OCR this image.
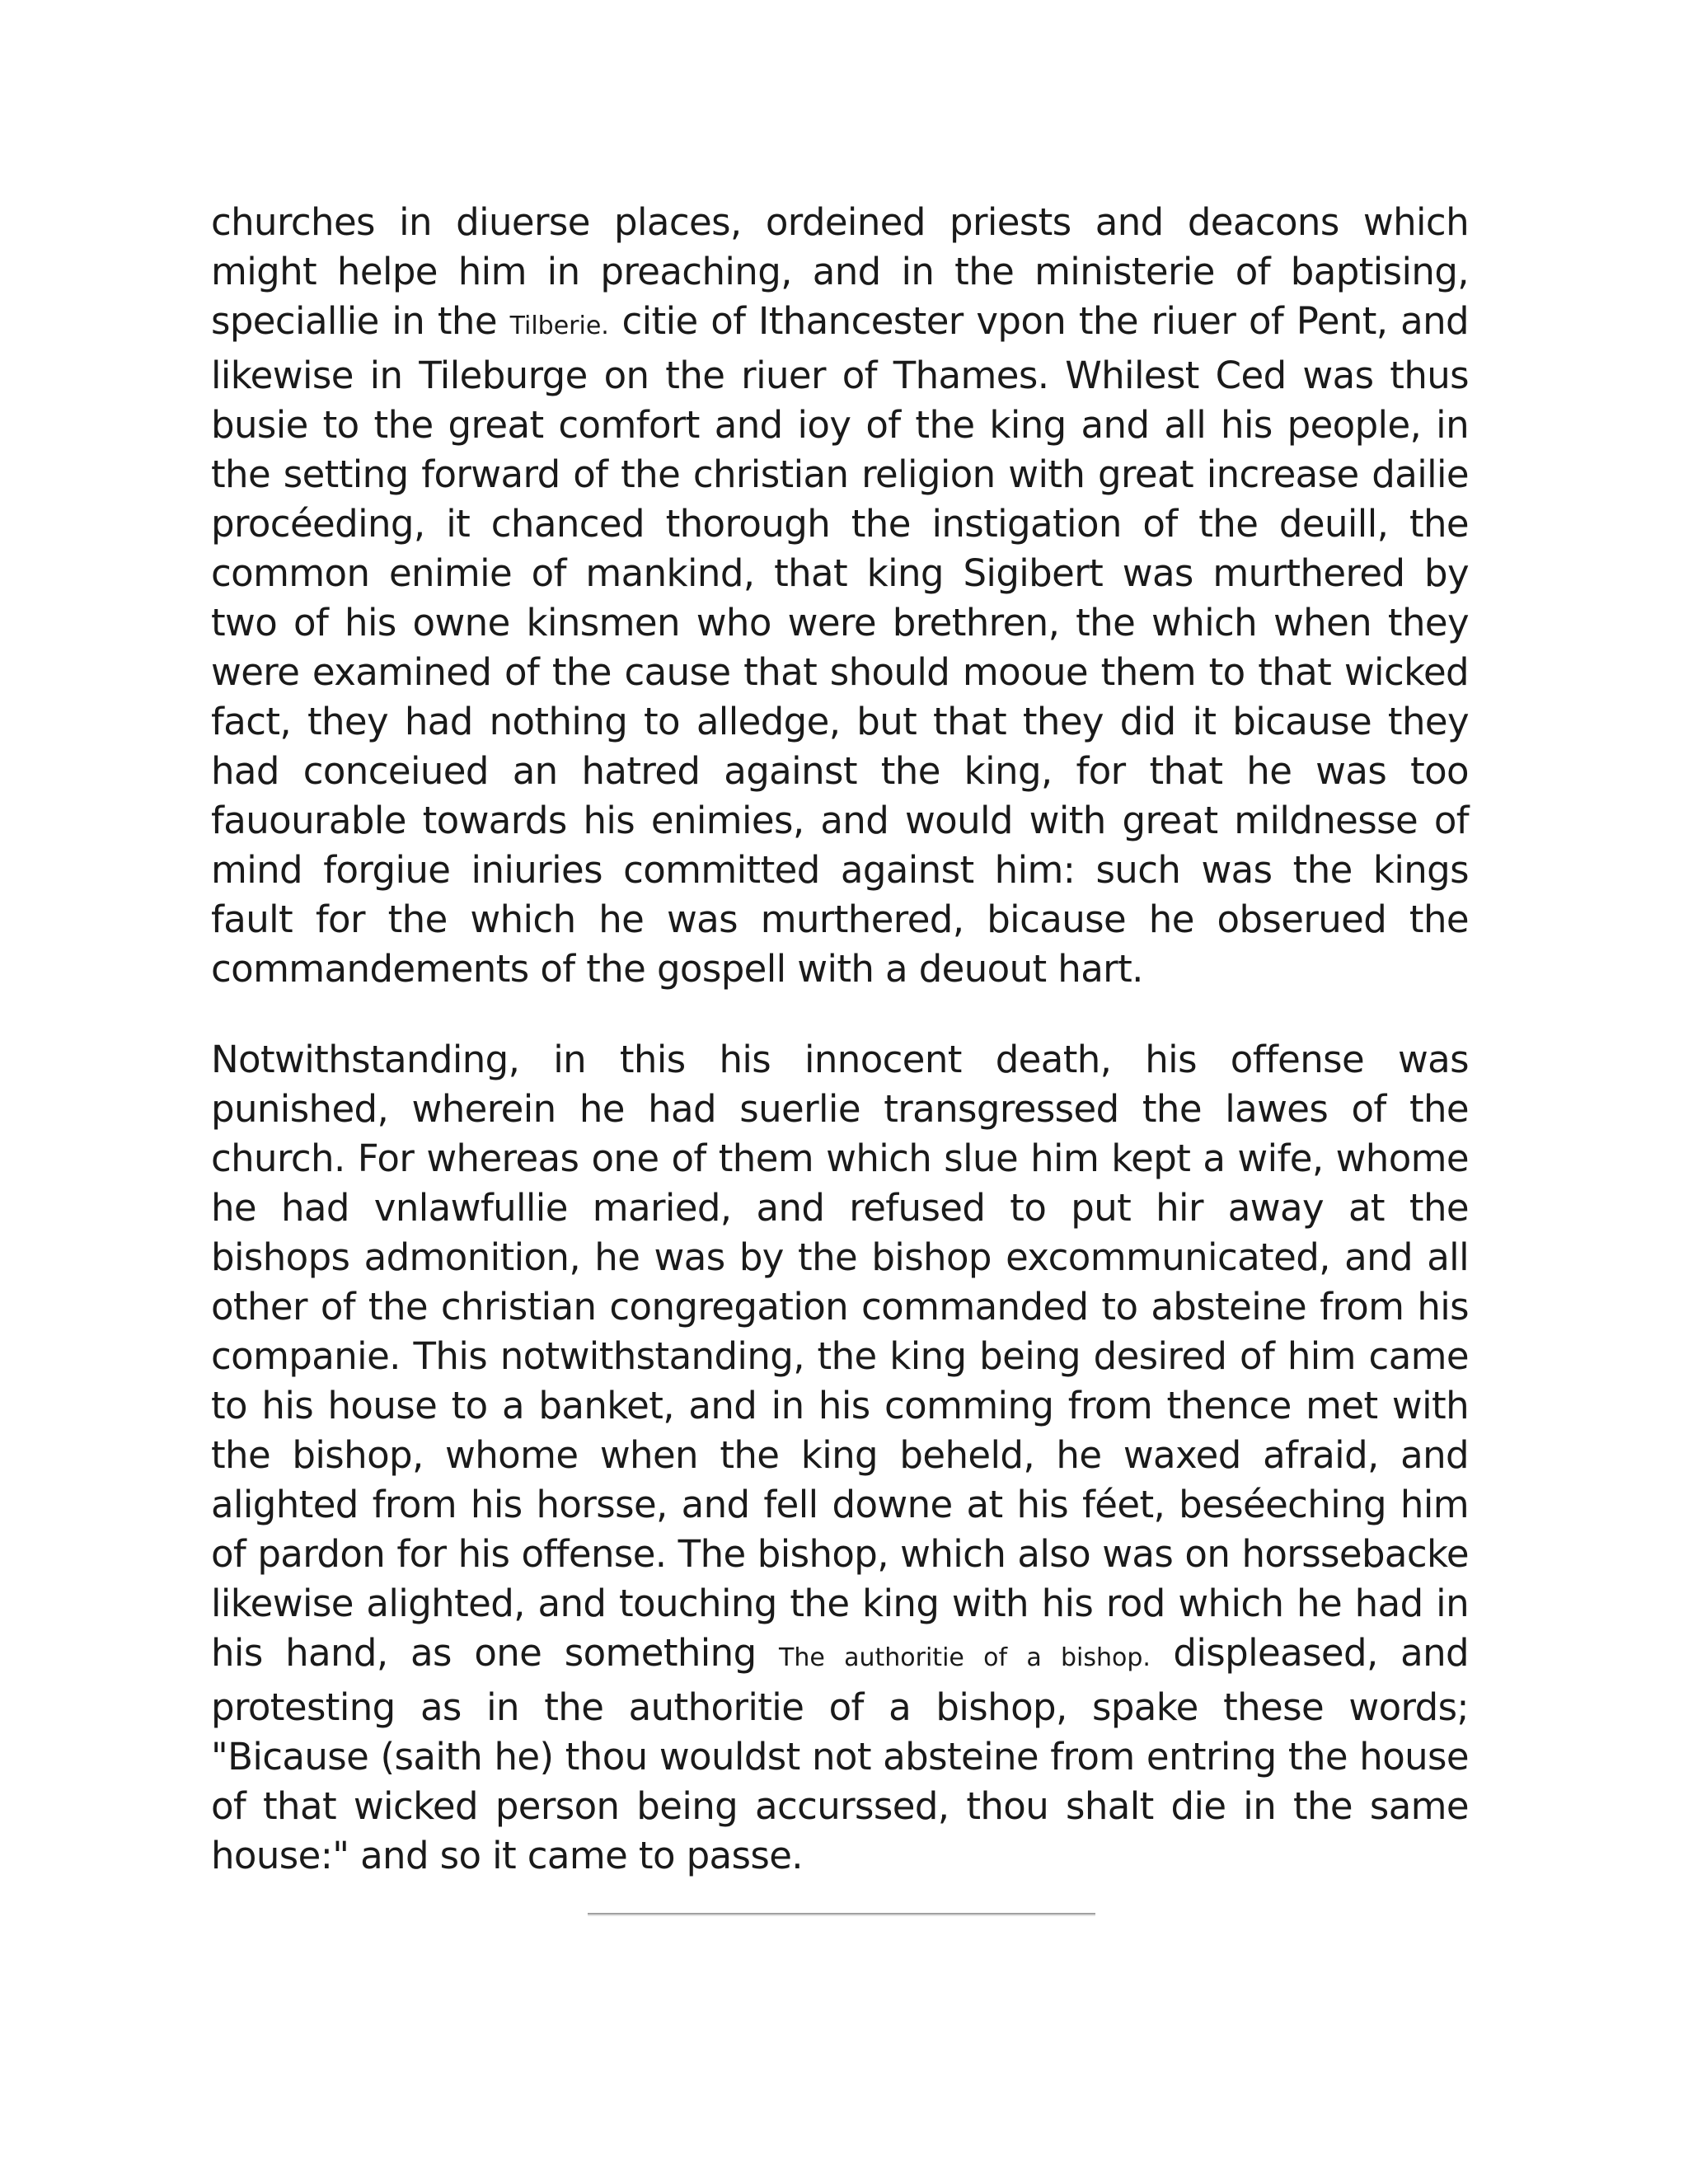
churches in diuerse places, ordeined priests and deacons which might helpe him in preaching, and in the ministerie of baptising, speciallie in the Tilberie. citie of Ithancester vpon the riuer of Pent, and likewise in Tileburge on the riuer of Thames. Whilest Ced was thus busie to the great comfort and ioy of the king and all his people, in the setting forward of the christian religion with great increase dailie procéeding, it chanced thorough the instigation of the deuill, the common enimie of mankind, that king Sigibert was murthered by two of his owne kinsmen who were brethren, the which when they were examined of the cause that should mooue them to that wicked fact, they had nothing to alledge, but that they did it bicause they had conceiued an hatred against the king, for that he was too fauourable towards his enimies, and would with great mildnesse of mind forgiue iniuries committed against him: such was the kings fault for the which he was murthered, bicause he obserued the commandements of the gospell with a deuout hart.

Notwithstanding, in this his innocent death, his offense was punished, wherein he had suerlie transgressed the lawes of the church. For whereas one of them which slue him kept a wife, whome he had vnlawfullie maried, and refused to put hir away at the bishops admonition, he was by the bishop excommunicated, and all other of the christian congregation commanded to absteine from his companie. This notwithstanding, the king being desired of him came to his house to a banket, and in his comming from thence met with the bishop, whome when the king beheld, he waxed afraid, and alighted from his horsse, and fell downe at his féet, beséeching him of pardon for his offense. The bishop, which also was on horssebacke likewise alighted, and touching the king with his rod which he had in his hand, as one something The authoritie of a bishop. displeased, and protesting as in the authoritie of a bishop, spake these words; "Bicause (saith he) thou wouldst not absteine from entring the house of that wicked person being accurssed, thou shalt die in the same house:" and so it came to passe.
